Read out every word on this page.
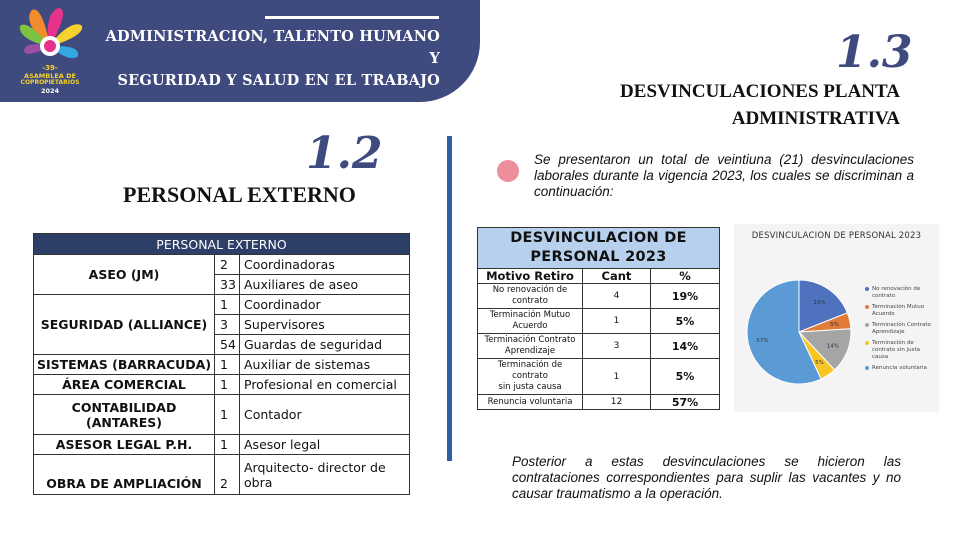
ADMINISTRACION, TALENTO HUMANO Y
SEGURIDAD Y SALUD EN EL TRABAJO
-39-
ASAMBLEA DE
COPROPIETARIOS
2024
1.2
PERSONAL EXTERNO
PERSONAL EXTERNO		
ASEO (JM)	2	Coordinadoras
	33	Auxiliares de aseo
SEGURIDAD (ALLIANCE)	1	Coordinador
	3	Supervisores
	54	Guardas de seguridad
SISTEMAS (BARRACUDA)	1	Auxiliar de sistemas
ÁREA COMERCIAL	1	Profesional en comercial

CONTABILIDAD
(ANTARES)	1	Contador
ASESOR LEGAL P.H.	1	Asesor legal
OBRA DE AMPLIACIÓN	2	Arquitecto- director de
obra
1.3
DESVINCULACIONES PLANTA
ADMINISTRATIVA
Se presentaron un total de veintiuna (21) desvinculaciones laborales durante la vigencia 2023, los cuales se discriminan a continuación:
DESVINCULACION DE
PERSONAL 2023		

Motivo Retiro	Cant	%

No renovación de
contrato	4	19%

Terminación Mutuo
Acuerdo	1	5%

Terminación Contrato
Aprendizaje	3	14%

Terminación de contrato
sin justa causa	1	5%
Renuncia voluntaria	12	57%
DESVINCULACION DE PERSONAL 2023
19%
5%
14%
5%
57%
No renovación de contrato
Terminación Mutuo Acuerdo
Terminación Contrato Aprendizaje
Terminación de contrato sin justa causa
Renuncia voluntaria
Posterior a estas desvinculaciones se hicieron las contrataciones correspondientes para suplir las vacantes y no causar traumatismo a la operación.
